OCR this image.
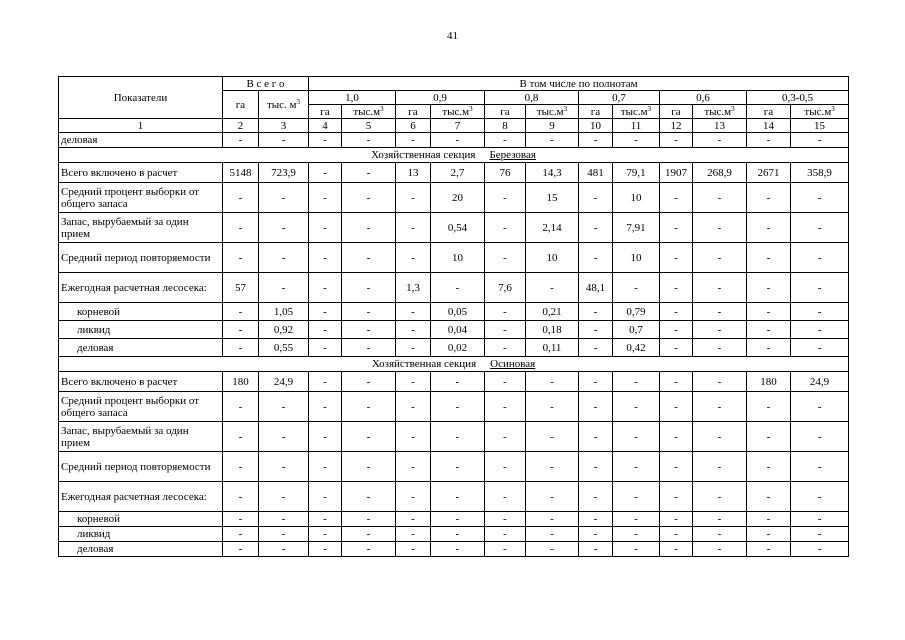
41
Показатели	В с е г о		В том числе по полнотам											
	га	тыс. $м^3$	1,0		0,9		0,8		0,7		0,6		0,3-0,5	
			га	$тыс.м^3$	га	$тыс.м^3$	га	$тыс.м^3$	га	$тыс.м^3$	га	$тыс.м^3$	га	$тыс.м^3$
1	2	3	4	5	6	7	8	9	10	11	12	13	14	15
деловая	-	-	-	-	-	-	-	-	-	-	-	-	-	-
Хозяйственная секция Березовая														
Всего включено в расчет	5148	723,9	-	-	13	2,7	76	14,3	481	79,1	1907	268,9	2671	358,9
Средний процент выборки от общего запаса	-	-	-	-	-	20	-	15	-	10	-	-	-	-
Запас, вырубаемый за один прием	-	-	-	-	-	0,54	-	2,14	-	7,91	-	-	-	-
Средний период повторяемости	-	-	-	-	-	10	-	10	-	10	-	-	-	-
Ежегодная расчетная лесосека:	57	-	-	-	1,3	-	7,6	-	48,1	-	-	-	-	-
корневой	-	1,05	-	-	-	0,05	-	0,21	-	0,79	-	-	-	-
ликвид	-	0,92	-	-	-	0,04	-	0,18	-	0,7	-	-	-	-
деловая	-	0,55	-	-	-	0,02	-	0,11	-	0,42	-	-	-	-
Хозяйственная секция Осиновая														
Всего включено в расчет	180	24,9	-	-	-	-	-	-	-	-	-	-	180	24,9
Средний процент выборки от общего запаса	-	-	-	-	-	-	-	-	-	-	-	-	-	-
Запас, вырубаемый за один прием	-	-	-	-	-	-	-	-	-	-	-	-	-	-
Средний период повторяемости	-	-	-	-	-	-	-	-	-	-	-	-	-	-
Ежегодная расчетная лесосека:	-	-	-	-	-	-	-	-	-	-	-	-	-	-
корневой	-	-	-	-	-	-	-	-	-	-	-	-	-	-
ликвид	-	-	-	-	-	-	-	-	-	-	-	-	-	-
деловая	-	-	-	-	-	-	-	-	-	-	-	-	-	-
